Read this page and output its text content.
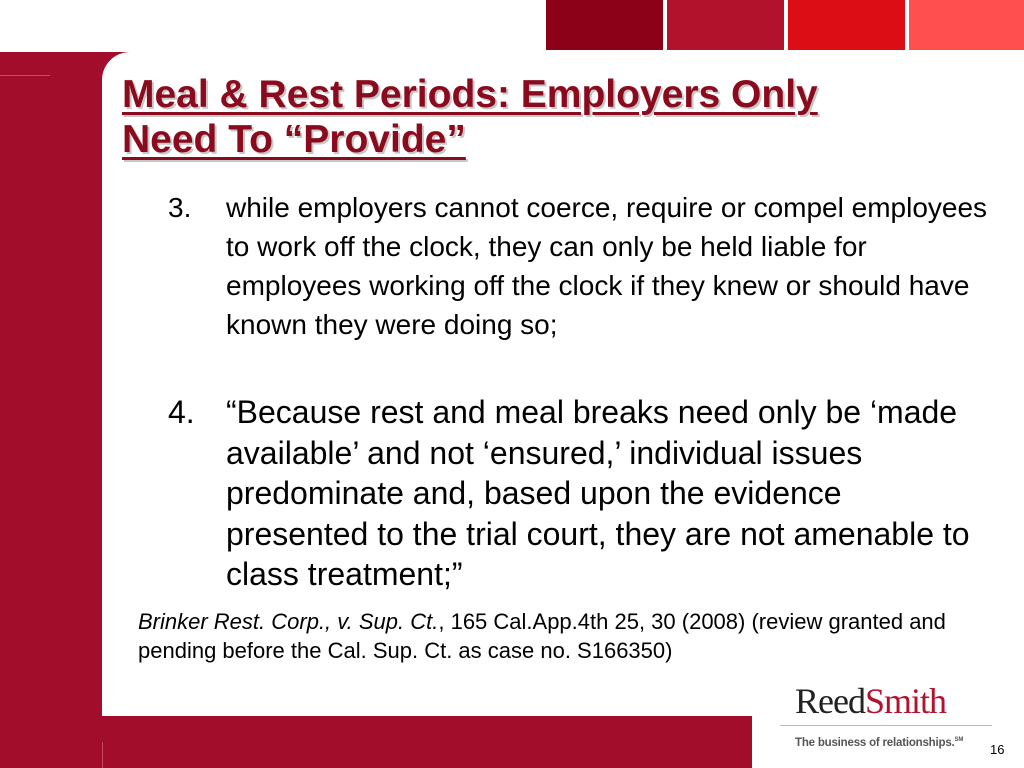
Meal & Rest Periods: Employers Only
Need To “Provide”
3.	while employers cannot coerce, require or compel employees to work off the clock, they can only be held liable for employees working off the clock if they knew or should have known they were doing so;
4. “Because rest and meal breaks need only be ‘made available’ and not ‘ensured,’ individual issues predominate and, based upon the evidence presented to the trial court, they are not amenable to class treatment;”

Brinker Rest. Corp., v. Sup. Ct., 165 Cal.App.4th 25, 30 (2008) (review granted and pending before the Cal. Sup. Ct. as case no. S166350)

ReedSmith
The business of relationships.℠
16
